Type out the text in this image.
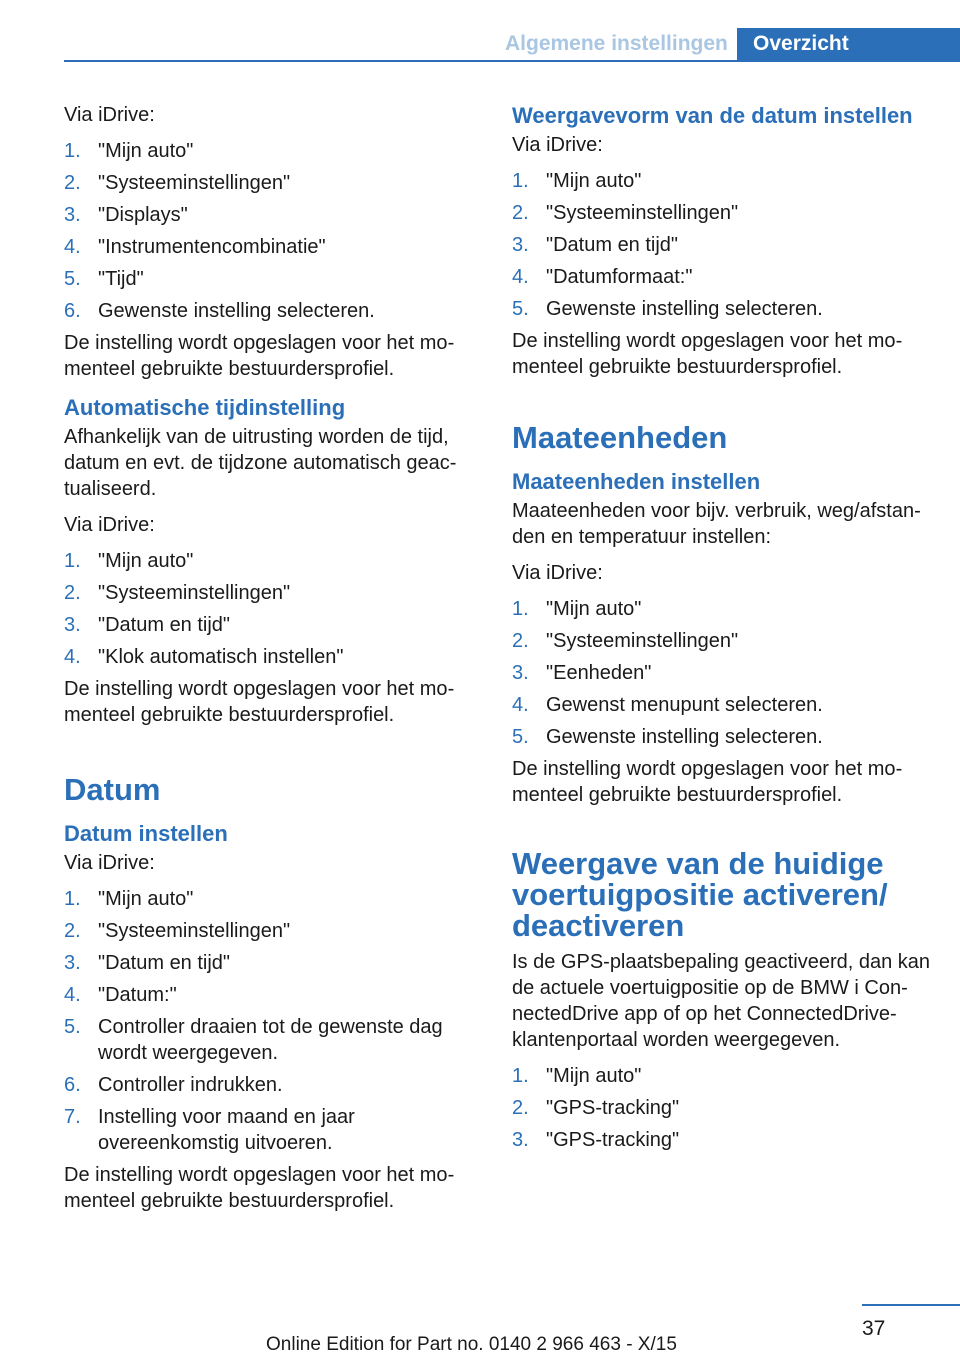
Algemene instellingen	Overzicht

Via iDrive:

1. "Mijn auto"
2. "Systeeminstellingen"
3. "Displays"
4. "Instrumentencombinatie"
5. "Tijd"
6. Gewenste instelling selecteren.

De instelling wordt opgeslagen voor het momenteel gebruikte bestuurdersprofiel.

Automatische tijdinstelling

Afhankelijk van de uitrusting worden de tijd, datum en evt. de tijdzone automatisch geactualiseerd.

Via iDrive:

1. "Mijn auto"
2. "Systeeminstellingen"
3. "Datum en tijd"
4. "Klok automatisch instellen"

De instelling wordt opgeslagen voor het momenteel gebruikte bestuurdersprofiel.

Datum
Datum instellen

Via iDrive:

1. "Mijn auto"
2. "Systeeminstellingen"
3. "Datum en tijd"
4. "Datum:"
5. Controller draaien tot de gewenste dag wordt weergegeven.
6. Controller indrukken.
7. Instelling voor maand en jaar overeenkomstig uitvoeren.

De instelling wordt opgeslagen voor het momenteel gebruikte bestuurdersprofiel.

Weergavevorm van de datum instellen

Via iDrive:

1. "Mijn auto"
2. "Systeeminstellingen"
3. "Datum en tijd"
4. "Datumformaat:"
5. Gewenste instelling selecteren.

De instelling wordt opgeslagen voor het momenteel gebruikte bestuurdersprofiel.

Maateenheden
Maateenheden instellen

Maateenheden voor bijv. verbruik, weg/afstanden en temperatuur instellen:

Via iDrive:

1. "Mijn auto"
2. "Systeeminstellingen"
3. "Eenheden"
4. Gewenst menupunt selecteren.
5. Gewenste instelling selecteren.

De instelling wordt opgeslagen voor het momenteel gebruikte bestuurdersprofiel.

Weergave van de huidige voertuigpositie activeren/ deactiveren

Is de GPS-plaatsbepaling geactiveerd, dan kan de actuele voertuigpositie op de BMW i ConnectedDrive app of op het ConnectedDrive-klantenportaal worden weergegeven.

1. "Mijn auto"
2. "GPS-tracking"
3. "GPS-tracking"
37
Online Edition for Part no. 0140 2 966 463 - X/15
